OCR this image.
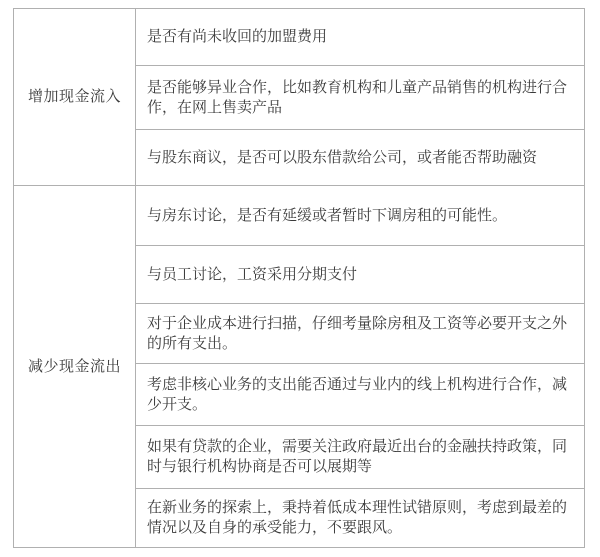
增加现金流入	是否有尚未收回的加盟费用
	是否能够异业合作，比如教育机构和儿童产品销售的机构进行合作，在网上售卖产品
	与股东商议，是否可以股东借款给公司，或者能否帮助融资
减少现金流出	与房东讨论，是否有延缓或者暂时下调房租的可能性。
	与员工讨论，工资采用分期支付
	对于企业成本进行扫描，仔细考量除房租及工资等必要开支之外的所有支出。
	考虑非核心业务的支出能否通过与业内的线上机构进行合作，减少开支。
	如果有贷款的企业，需要关注政府最近出台的金融扶持政策，同时与银行机构协商是否可以展期等
	在新业务的探索上，秉持着低成本理性试错原则，考虑到最差的情况以及自身的承受能力，不要跟风。
